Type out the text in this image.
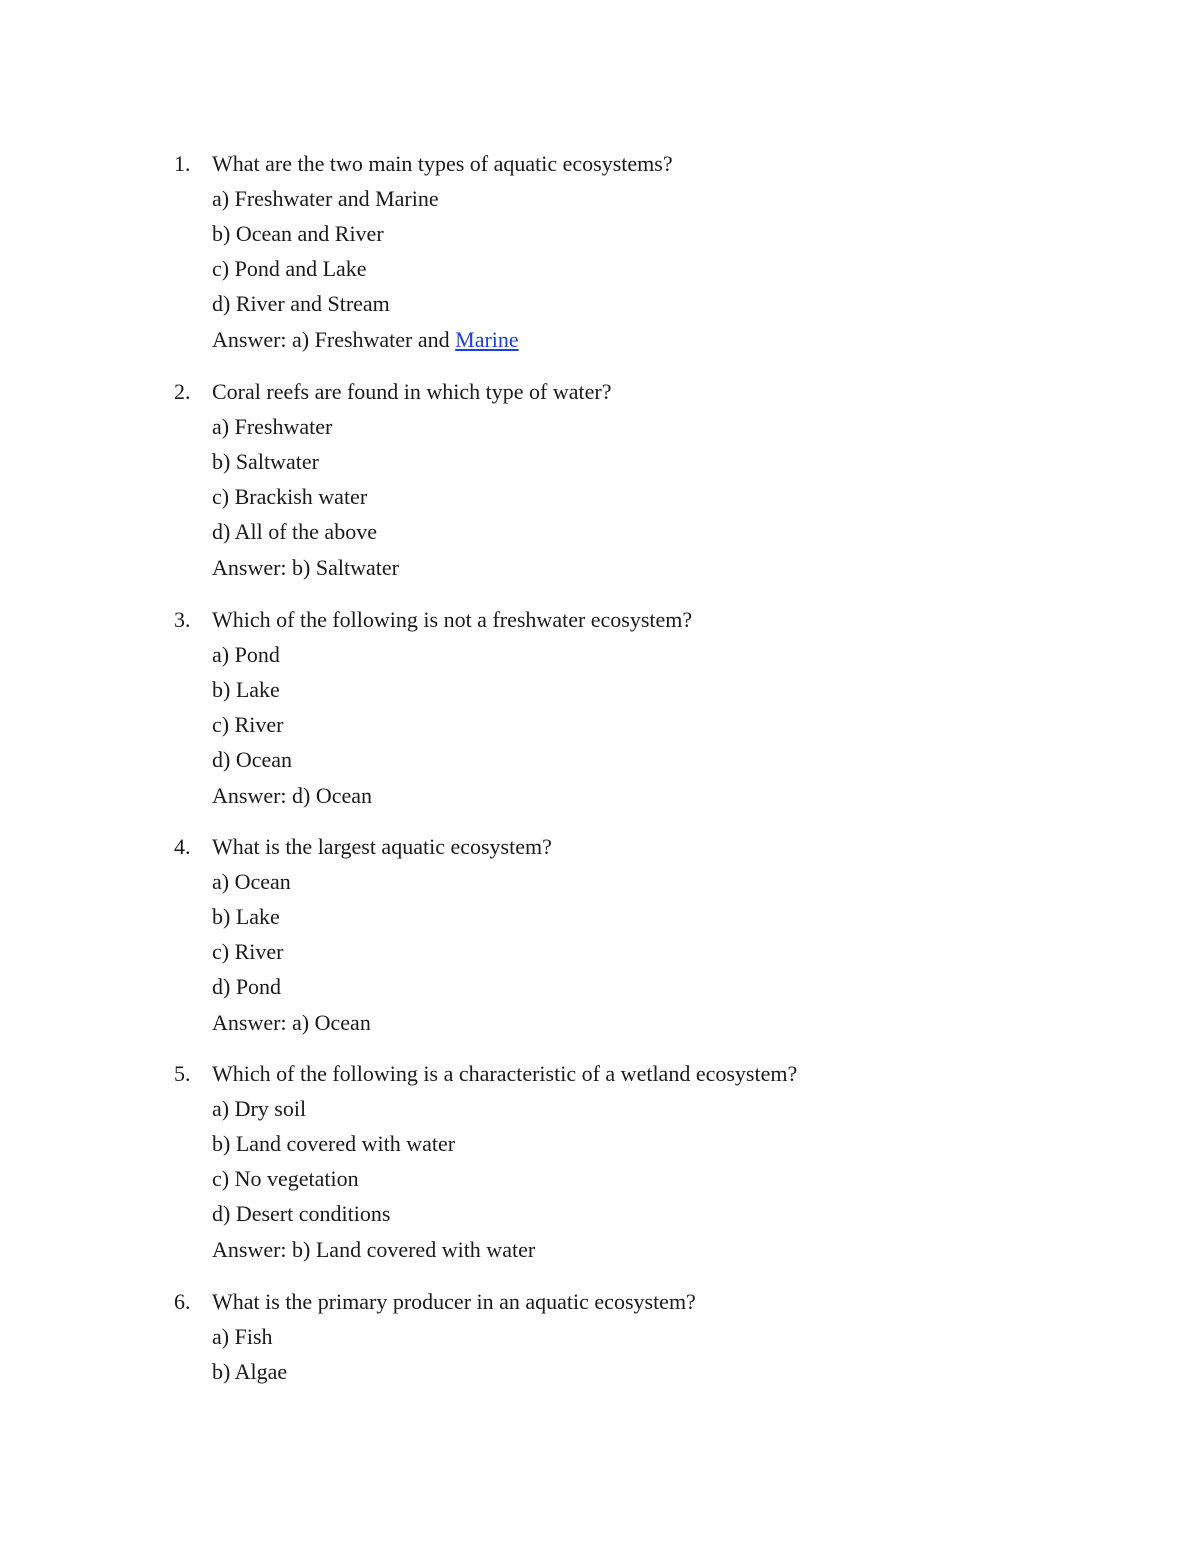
1. What are the two main types of aquatic ecosystems?
a) Freshwater and Marine
b) Ocean and River
c) Pond and Lake
d) River and Stream
Answer: a) Freshwater and Marine
2. Coral reefs are found in which type of water?
a) Freshwater
b) Saltwater
c) Brackish water
d) All of the above
Answer: b) Saltwater
3. Which of the following is not a freshwater ecosystem?
a) Pond
b) Lake
c) River
d) Ocean
Answer: d) Ocean
4. What is the largest aquatic ecosystem?
a) Ocean
b) Lake
c) River
d) Pond
Answer: a) Ocean
5. Which of the following is a characteristic of a wetland ecosystem?
a) Dry soil
b) Land covered with water
c) No vegetation
d) Desert conditions
Answer: b) Land covered with water
6. What is the primary producer in an aquatic ecosystem?
a) Fish
b) Algae
